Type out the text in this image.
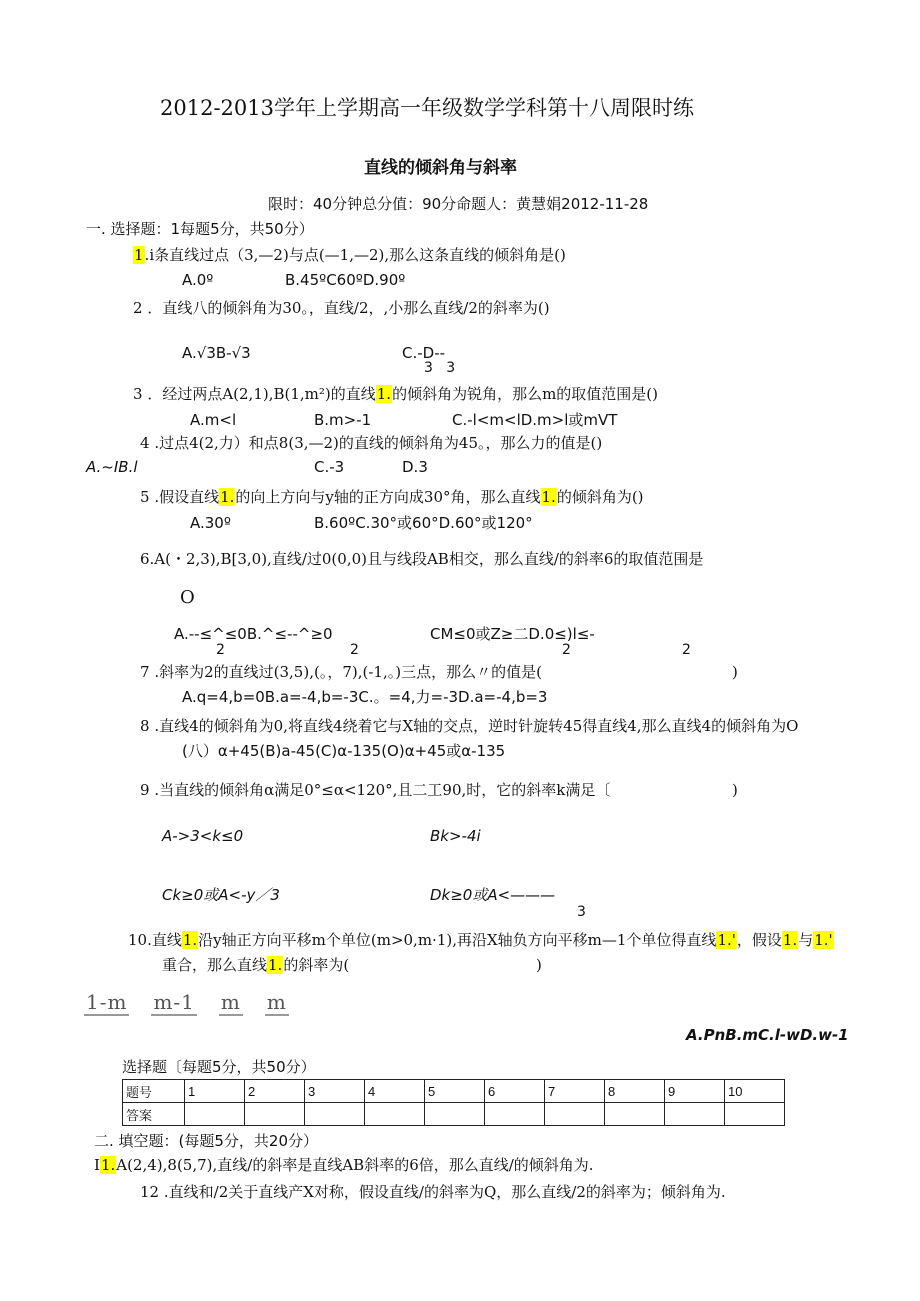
2012-2013学年上学期高一年级数学学科第十八周限时练
直线的倾斜角与斜率
限时：40分钟总分值：90分命题人：黄慧娟2012-11-28
一. 选择题：1每题5分，共50分）
1.i条直线过点（3,—2)与点(—1,—2),那么这条直线的倾斜角是()
A.0º	B.45ºC60ºD.90º
2 ．直线八的倾斜角为30。，直线/2，,小那么直线/2的斜率为()
A.√3B-√3	C.-D--
3   3
3 ．经过两点A(2,1),B(1,m²)的直线1.的倾斜角为锐角，那么m的取值范围是()
A.m<l	B.m>-1	C.-l<m<lD.m>l或mVT
4 .过点4(2,力）和点8(3,—2)的直线的倾斜角为45。，那么力的值是()
A.~IB.l	C.-3	D.3
5 .假设直线1.的向上方向与y轴的正方向成30°角，那么直线1.的倾斜角为()
A.30º	B.60ºC.30°或60°D.60°或120°
6.A(・2,3),B[3,0),直线/过0(0,0)且与线段AB相交，那么直线/的斜率6的取值范围是
O
A.--≤^≤0B.^≤--^≥0	CM≤0或Z≥二D.0≤)l≤-
2	2	2	2
7 .斜率为2的直线过(3,5),(。，7),(-1,。)三点，那么〃的值是(	)
A.q=4,b=0B.a=-4,b=-3C.。=4,力=-3D.a=-4,b=3
8 .直线4的倾斜角为0,将直线4绕着它与X轴的交点，逆时针旋转45得直线4,那么直线4的倾斜角为O
(八）α+45(B)a-45(C)α-135(O)α+45或α-135
9 .当直线的倾斜角α满足0°≤α<120°,且二工90,时，它的斜率k满足〔	)
A->3<k≤0	Bk>-4i
Ck≥0或A<-y／3	Dk≥0或A<———
3
10.直线1.沿y轴正方向平移m个单位(m>0,m·1),再沿X轴负方向平移m—1个单位得直线1.'，假设1.与1.'
重合，那么直线1.的斜率为(	)
1-m m-1 m m
A.PnB.mC.l-wD.w-1
选择题〔每题5分，共50分）
题号	1	2	3	4	5	6	7	8	9	10
答案										
二. 填空题：(每题5分，共20分）
I1.A(2,4),8(5,7),直线/的斜率是直线AB斜率的6倍，那么直线/的倾斜角为.
12 .直线和/2关于直线产X对称，假设直线/的斜率为Q，那么直线/2的斜率为；倾斜角为.
